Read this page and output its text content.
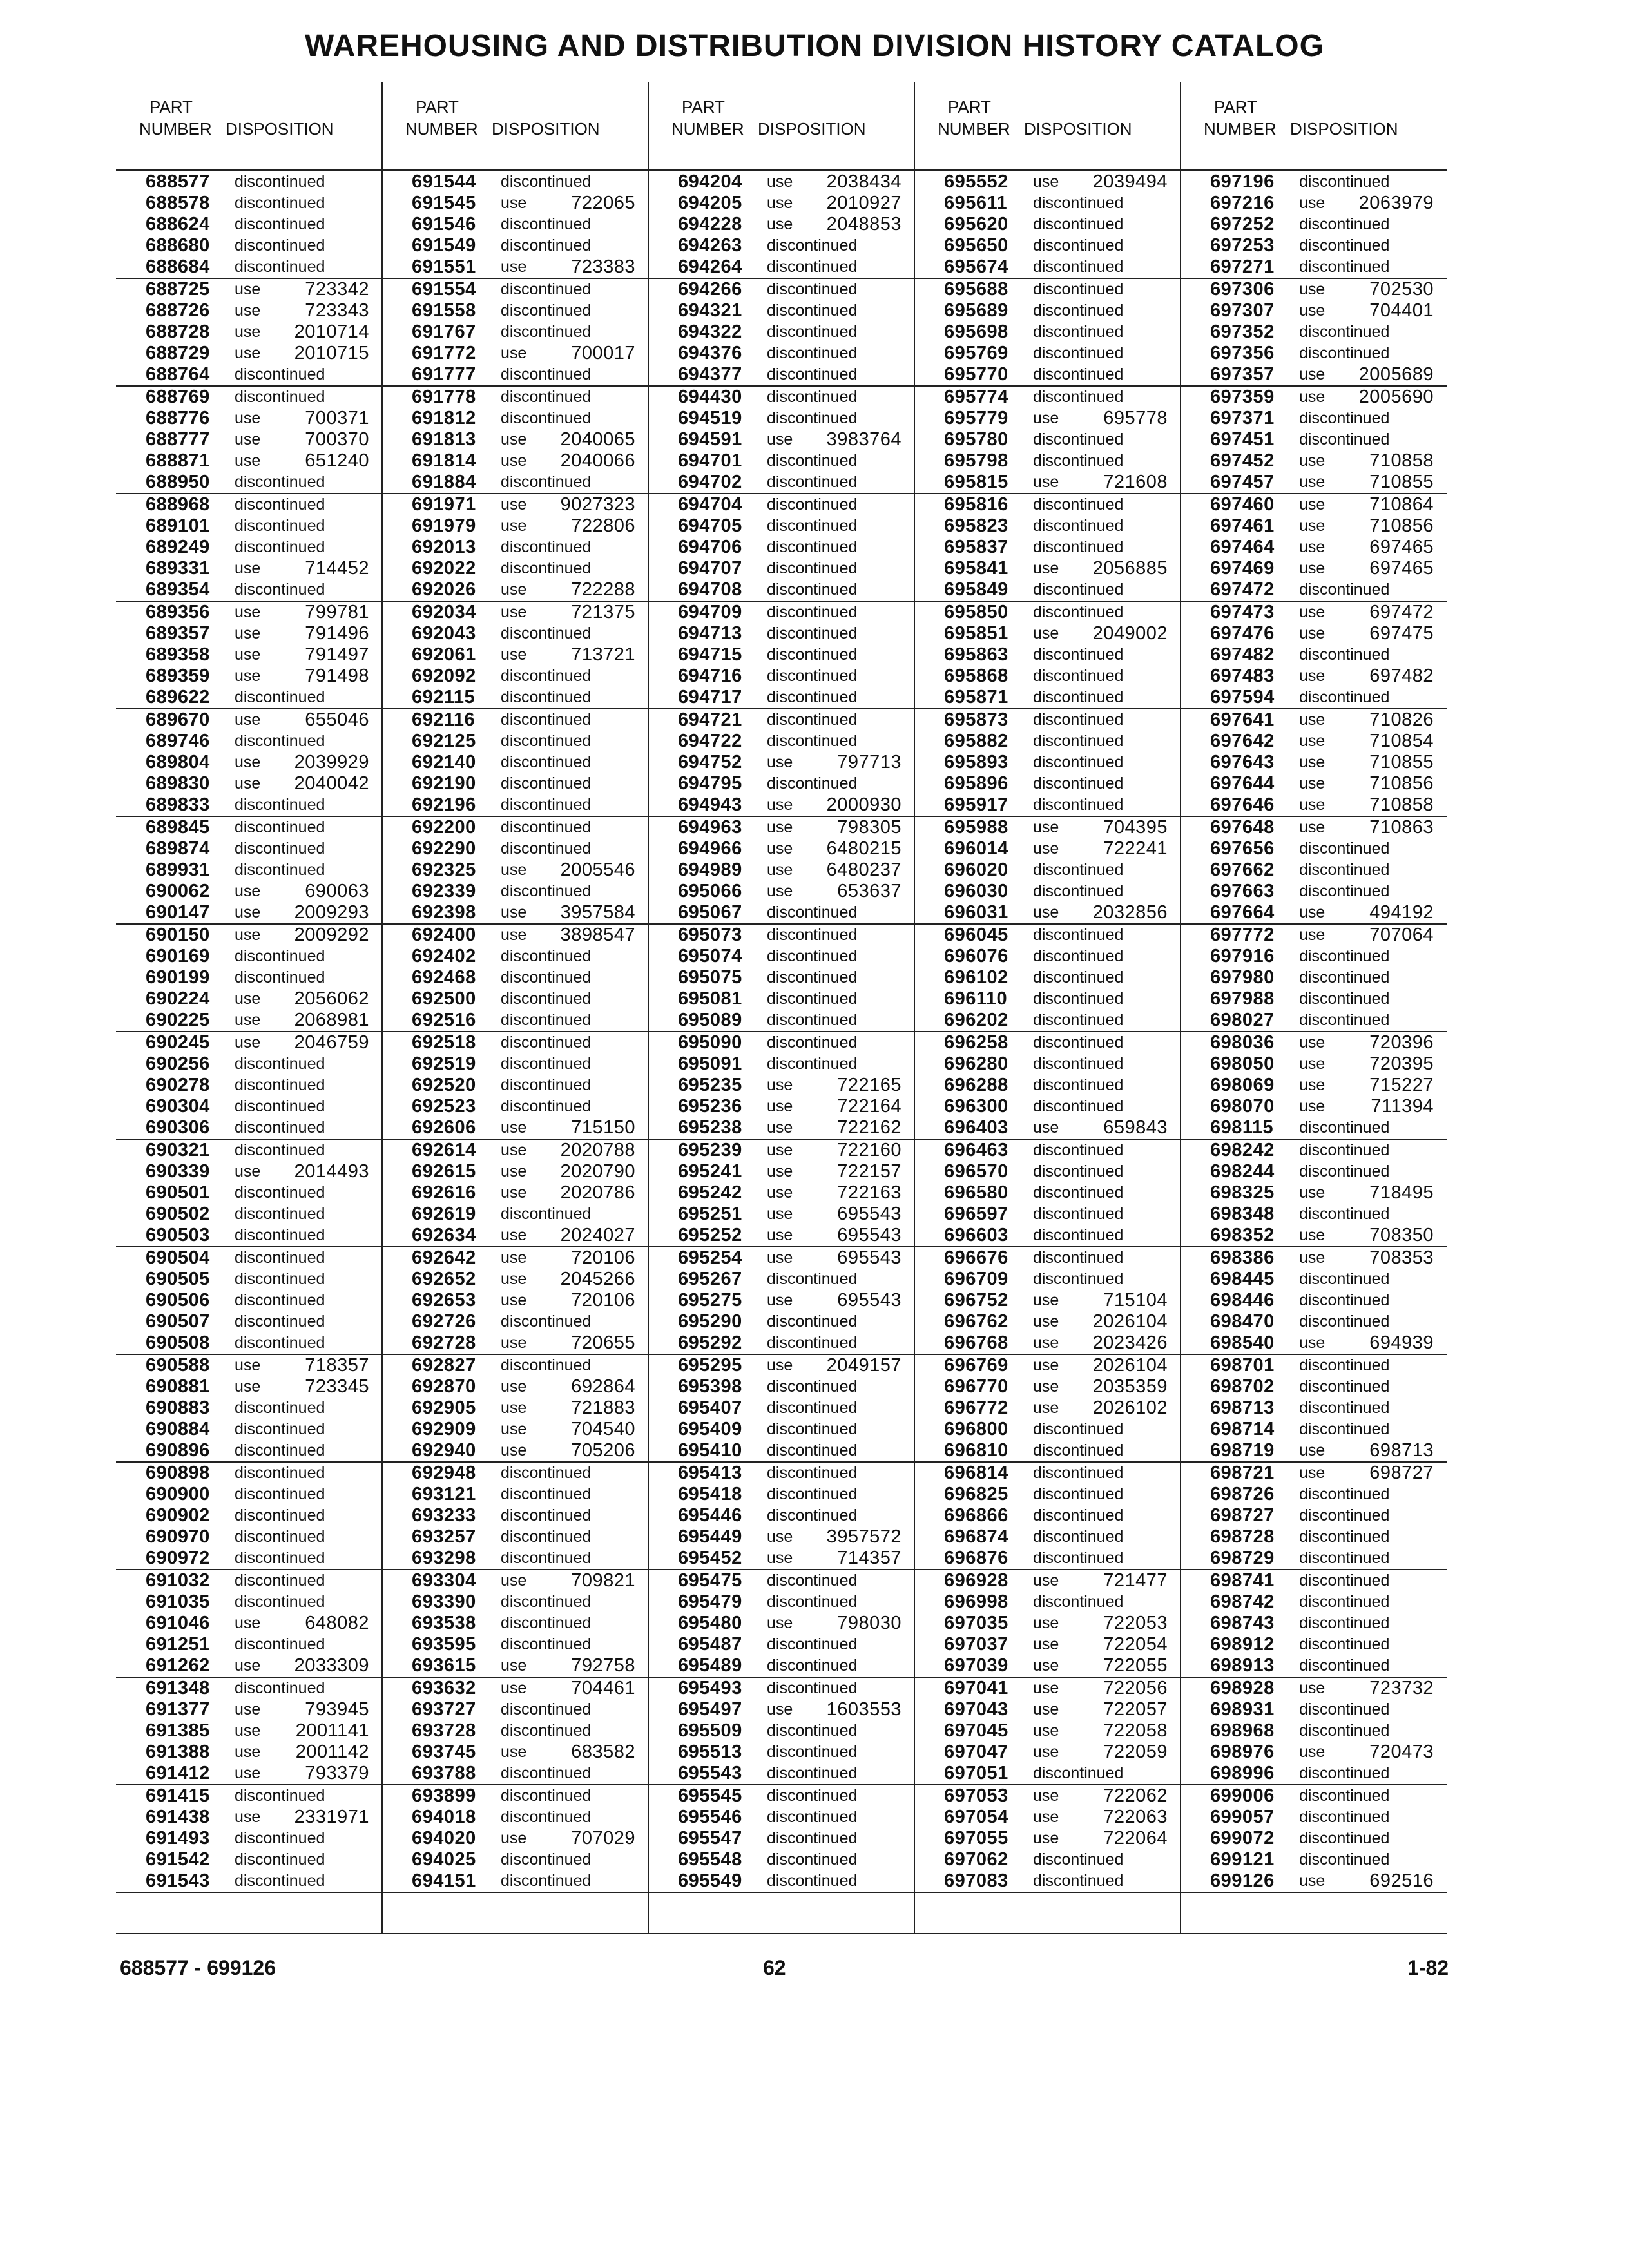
WAREHOUSING AND DISTRIBUTION DIVISION HISTORY CATALOG
PART
NUMBER DISPOSITION
688577 discontinued
688578 discontinued
688624 discontinued
688680 discontinued
688684 discontinued
688725 use 723342
688726 use 723343
688728 use 2010714
688729 use 2010715
688764 discontinued
688769 discontinued
688776 use 700371
688777 use 700370
688871 use 651240
688950 discontinued
688968 discontinued
689101 discontinued
689249 discontinued
689331 use 714452
689354 discontinued
689356 use 799781
689357 use 791496
689358 use 791497
689359 use 791498
689622 discontinued
689670 use 655046
689746 discontinued
689804 use 2039929
689830 use 2040042
689833 discontinued
689845 discontinued
689874 discontinued
689931 discontinued
690062 use 690063
690147 use 2009293
690150 use 2009292
690169 discontinued
690199 discontinued
690224 use 2056062
690225 use 2068981
690245 use 2046759
690256 discontinued
690278 discontinued
690304 discontinued
690306 discontinued
690321 discontinued
690339 use 2014493
690501 discontinued
690502 discontinued
690503 discontinued
690504 discontinued
690505 discontinued
690506 discontinued
690507 discontinued
690508 discontinued
690588 use 718357
690881 use 723345
690883 discontinued
690884 discontinued
690896 discontinued
690898 discontinued
690900 discontinued
690902 discontinued
690970 discontinued
690972 discontinued
691032 discontinued
691035 discontinued
691046 use 648082
691251 discontinued
691262 use 2033309
691348 discontinued
691377 use 793945
691385 use 2001141
691388 use 2001142
691412 use 793379
691415 discontinued
691438 use 2331971
691493 discontinued
691542 discontinued
691543 discontinued
PART
NUMBER DISPOSITION
691544 discontinued
691545 use 722065
691546 discontinued
691549 discontinued
691551 use 723383
691554 discontinued
691558 discontinued
691767 discontinued
691772 use 700017
691777 discontinued
691778 discontinued
691812 discontinued
691813 use 2040065
691814 use 2040066
691884 discontinued
691971 use 9027323
691979 use 722806
692013 discontinued
692022 discontinued
692026 use 722288
692034 use 721375
692043 discontinued
692061 use 713721
692092 discontinued
692115 discontinued
692116 discontinued
692125 discontinued
692140 discontinued
692190 discontinued
692196 discontinued
692200 discontinued
692290 discontinued
692325 use 2005546
692339 discontinued
692398 use 3957584
692400 use 3898547
692402 discontinued
692468 discontinued
692500 discontinued
692516 discontinued
692518 discontinued
692519 discontinued
692520 discontinued
692523 discontinued
692606 use 715150
692614 use 2020788
692615 use 2020790
692616 use 2020786
692619 discontinued
692634 use 2024027
692642 use 720106
692652 use 2045266
692653 use 720106
692726 discontinued
692728 use 720655
692827 discontinued
692870 use 692864
692905 use 721883
692909 use 704540
692940 use 705206
692948 discontinued
693121 discontinued
693233 discontinued
693257 discontinued
693298 discontinued
693304 use 709821
693390 discontinued
693538 discontinued
693595 discontinued
693615 use 792758
693632 use 704461
693727 discontinued
693728 discontinued
693745 use 683582
693788 discontinued
693899 discontinued
694018 discontinued
694020 use 707029
694025 discontinued
694151 discontinued
PART
NUMBER DISPOSITION
694204 use 2038434
694205 use 2010927
694228 use 2048853
694263 discontinued
694264 discontinued
694266 discontinued
694321 discontinued
694322 discontinued
694376 discontinued
694377 discontinued
694430 discontinued
694519 discontinued
694591 use 3983764
694701 discontinued
694702 discontinued
694704 discontinued
694705 discontinued
694706 discontinued
694707 discontinued
694708 discontinued
694709 discontinued
694713 discontinued
694715 discontinued
694716 discontinued
694717 discontinued
694721 discontinued
694722 discontinued
694752 use 797713
694795 discontinued
694943 use 2000930
694963 use 798305
694966 use 6480215
694989 use 6480237
695066 use 653637
695067 discontinued
695073 discontinued
695074 discontinued
695075 discontinued
695081 discontinued
695089 discontinued
695090 discontinued
695091 discontinued
695235 use 722165
695236 use 722164
695238 use 722162
695239 use 722160
695241 use 722157
695242 use 722163
695251 use 695543
695252 use 695543
695254 use 695543
695267 discontinued
695275 use 695543
695290 discontinued
695292 discontinued
695295 use 2049157
695398 discontinued
695407 discontinued
695409 discontinued
695410 discontinued
695413 discontinued
695418 discontinued
695446 discontinued
695449 use 3957572
695452 use 714357
695475 discontinued
695479 discontinued
695480 use 798030
695487 discontinued
695489 discontinued
695493 discontinued
695497 use 1603553
695509 discontinued
695513 discontinued
695543 discontinued
695545 discontinued
695546 discontinued
695547 discontinued
695548 discontinued
695549 discontinued
PART
NUMBER DISPOSITION
695552 use 2039494
695611 discontinued
695620 discontinued
695650 discontinued
695674 discontinued
695688 discontinued
695689 discontinued
695698 discontinued
695769 discontinued
695770 discontinued
695774 discontinued
695779 use 695778
695780 discontinued
695798 discontinued
695815 use 721608
695816 discontinued
695823 discontinued
695837 discontinued
695841 use 2056885
695849 discontinued
695850 discontinued
695851 use 2049002
695863 discontinued
695868 discontinued
695871 discontinued
695873 discontinued
695882 discontinued
695893 discontinued
695896 discontinued
695917 discontinued
695988 use 704395
696014 use 722241
696020 discontinued
696030 discontinued
696031 use 2032856
696045 discontinued
696076 discontinued
696102 discontinued
696110 discontinued
696202 discontinued
696258 discontinued
696280 discontinued
696288 discontinued
696300 discontinued
696403 use 659843
696463 discontinued
696570 discontinued
696580 discontinued
696597 discontinued
696603 discontinued
696676 discontinued
696709 discontinued
696752 use 715104
696762 use 2026104
696768 use 2023426
696769 use 2026104
696770 use 2035359
696772 use 2026102
696800 discontinued
696810 discontinued
696814 discontinued
696825 discontinued
696866 discontinued
696874 discontinued
696876 discontinued
696928 use 721477
696998 discontinued
697035 use 722053
697037 use 722054
697039 use 722055
697041 use 722056
697043 use 722057
697045 use 722058
697047 use 722059
697051 discontinued
697053 use 722062
697054 use 722063
697055 use 722064
697062 discontinued
697083 discontinued
PART
NUMBER DISPOSITION
697196 discontinued
697216 use 2063979
697252 discontinued
697253 discontinued
697271 discontinued
697306 use 702530
697307 use 704401
697352 discontinued
697356 discontinued
697357 use 2005689
697359 use 2005690
697371 discontinued
697451 discontinued
697452 use 710858
697457 use 710855
697460 use 710864
697461 use 710856
697464 use 697465
697469 use 697465
697472 discontinued
697473 use 697472
697476 use 697475
697482 discontinued
697483 use 697482
697594 discontinued
697641 use 710826
697642 use 710854
697643 use 710855
697644 use 710856
697646 use 710858
697648 use 710863
697656 discontinued
697662 discontinued
697663 discontinued
697664 use 494192
697772 use 707064
697916 discontinued
697980 discontinued
697988 discontinued
698027 discontinued
698036 use 720396
698050 use 720395
698069 use 715227
698070 use 711394
698115 discontinued
698242 discontinued
698244 discontinued
698325 use 718495
698348 discontinued
698352 use 708350
698386 use 708353
698445 discontinued
698446 discontinued
698470 discontinued
698540 use 694939
698701 discontinued
698702 discontinued
698713 discontinued
698714 discontinued
698719 use 698713
698721 use 698727
698726 discontinued
698727 discontinued
698728 discontinued
698729 discontinued
698741 discontinued
698742 discontinued
698743 discontinued
698912 discontinued
698913 discontinued
698928 use 723732
698931 discontinued
698968 discontinued
698976 use 720473
698996 discontinued
699006 discontinued
699057 discontinued
699072 discontinued
699121 discontinued
699126 use 692516
688577 - 699126	62	1-82
